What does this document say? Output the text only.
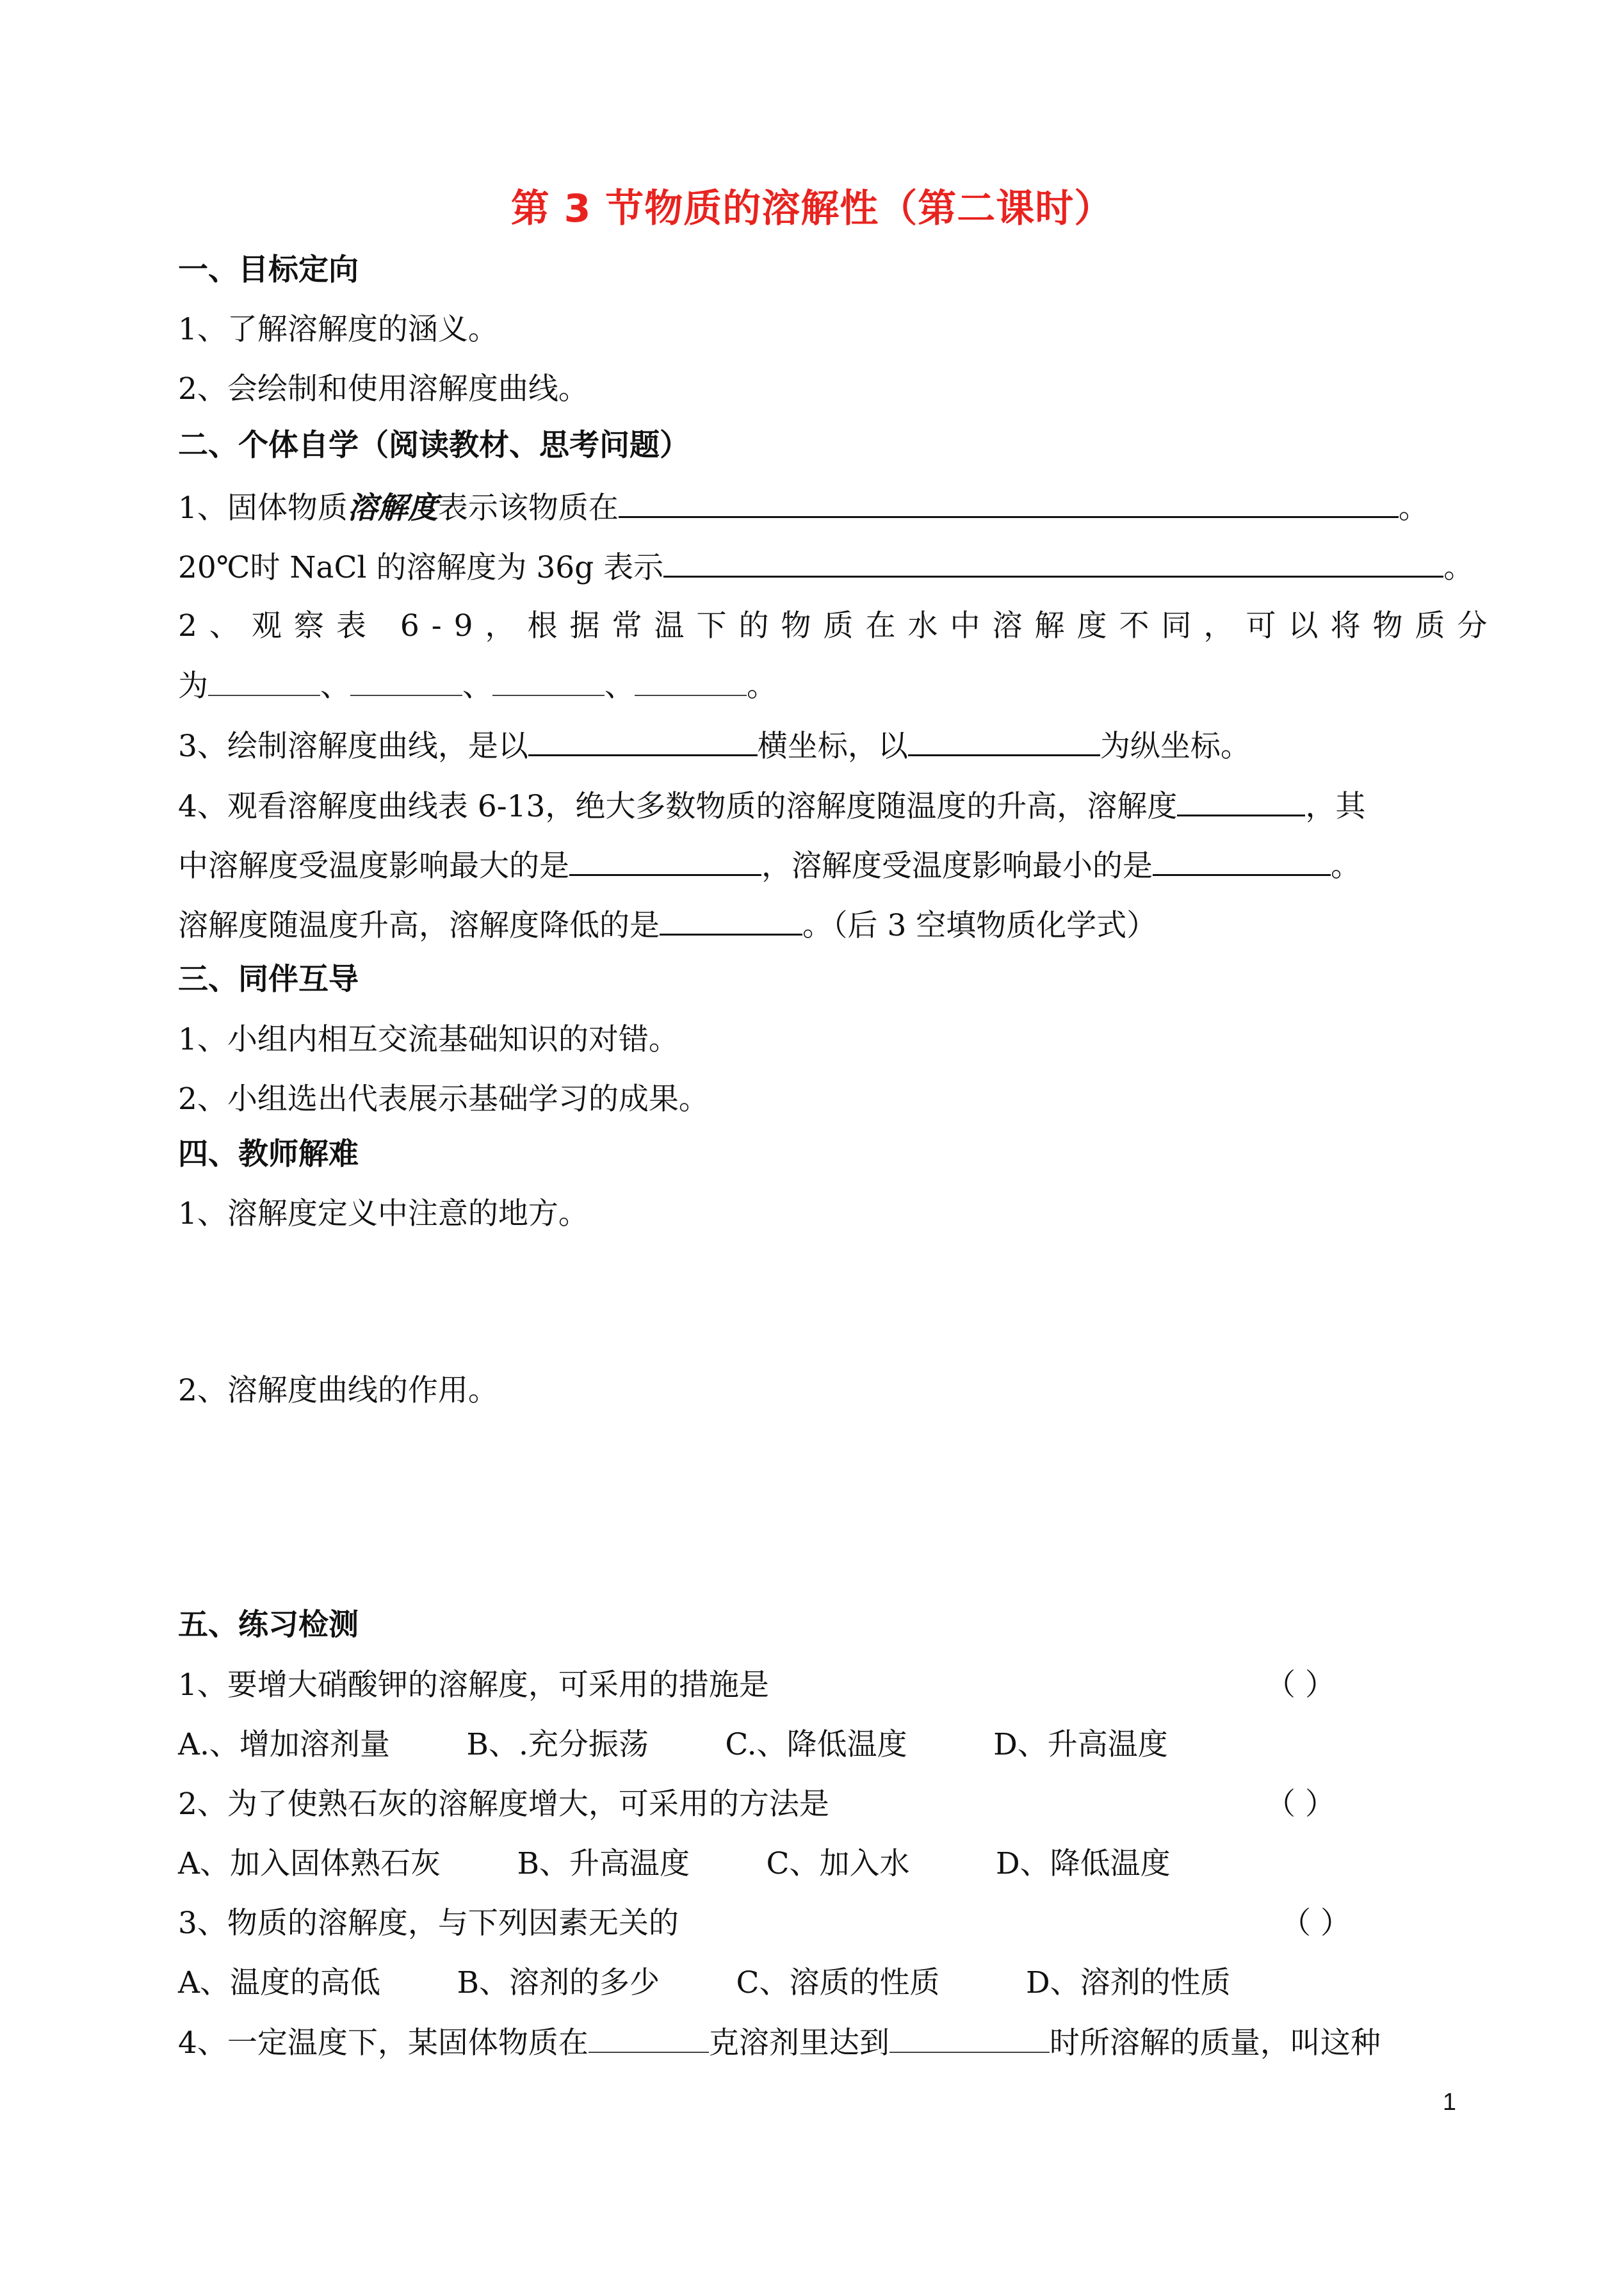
第 3 节物质的溶解性（第二课时）
一、目标定向
1、了解溶解度的涵义。
2、会绘制和使用溶解度曲线。
二、个体自学（阅读教材、思考问题）
1、固体物质溶解度表示该物质在	。
20℃时 NaCl 的溶解度为 36g 表示	。
2、观察表 6-9，根据常温下的物质在水中溶解度不同，可以将物质分
为	、	、	、	。
3、绘制溶解度曲线，是以	横坐标，以	为纵坐标。
4、观看溶解度曲线表 6-13，绝大多数物质的溶解度随温度的升高，溶解度	，其
中溶解度受温度影响最大的是	，溶解度受温度影响最小的是	。
溶解度随温度升高，溶解度降低的是	。（后 3 空填物质化学式）
三、同伴互导
1、小组内相互交流基础知识的对错。
2、小组选出代表展示基础学习的成果。
四、教师解难
1、溶解度定义中注意的地方。
2、溶解度曲线的作用。
五、练习检测
1、要增大硝酸钾的溶解度，可采用的措施是	（ ）
A.、增加溶剂量        B、.充分振荡        C.、降低温度         D、升高温度
2、为了使熟石灰的溶解度增大，可采用的方法是	（ ）
A、加入固体熟石灰        B、升高温度        C、加入水         D、降低温度
3、物质的溶解度，与下列因素无关的	（ ）
A、温度的高低        B、溶剂的多少        C、溶质的性质         D、溶剂的性质
4、一定温度下，某固体物质在	克溶剂里达到	时所溶解的质量，叫这种
1
